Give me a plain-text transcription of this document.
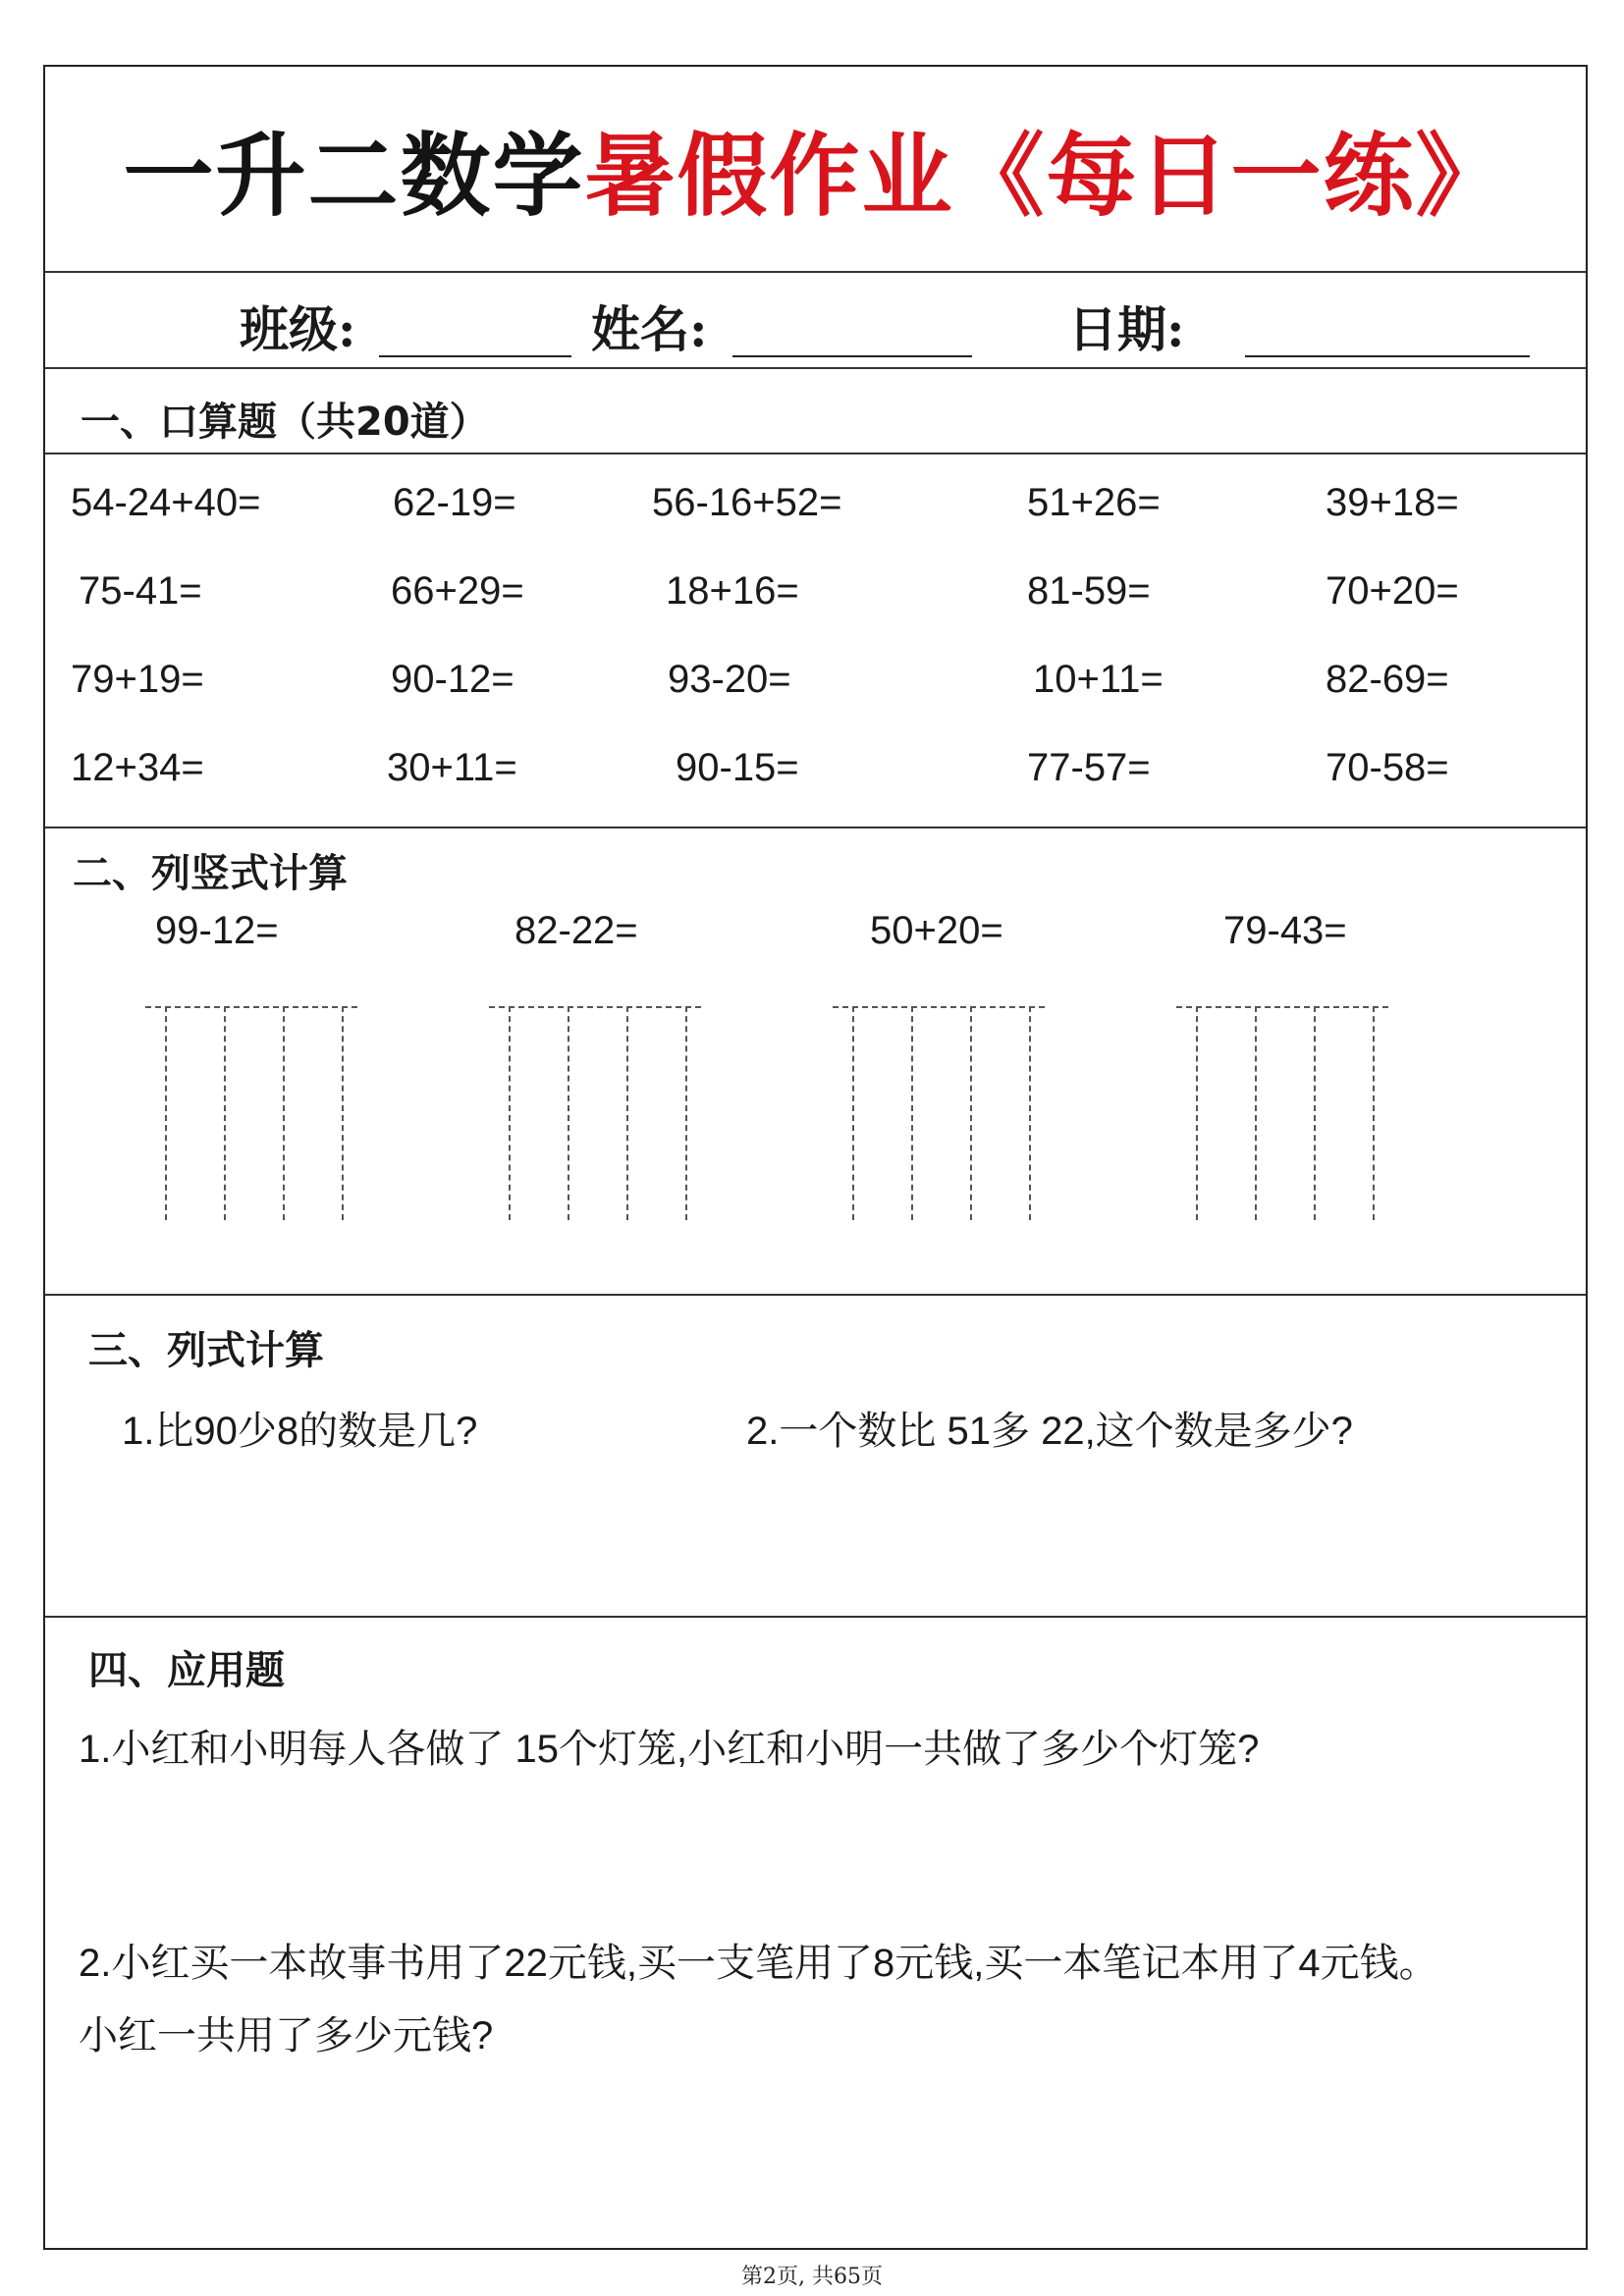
一升二数学 暑假作业《每日一练》
班级:	姓名:	日期:
一、口算题（共20道）
54-24+40=	62-19=	56-16+52=	51+26=	39+18=
75-41=	66+29=	18+16=	81-59=	70+20=
79+19=	90-12=	93-20=	10+11=	82-69=
12+34=	30+11=	90-15=	77-57=	70-58=
二、列竖式计算
99-12=	82-22=	50+20=	79-43=
三、列式计算
1.比90少8的数是几?	2.一个数比 51多 22,这个数是多少?
四、应用题
1.小红和小明每人各做了 15个灯笼,小红和小明一共做了多少个灯笼?
2.小红买一本故事书用了22元钱,买一支笔用了8元钱,买一本笔记本用了4元钱。
小红一共用了多少元钱?
第2页, 共65页
